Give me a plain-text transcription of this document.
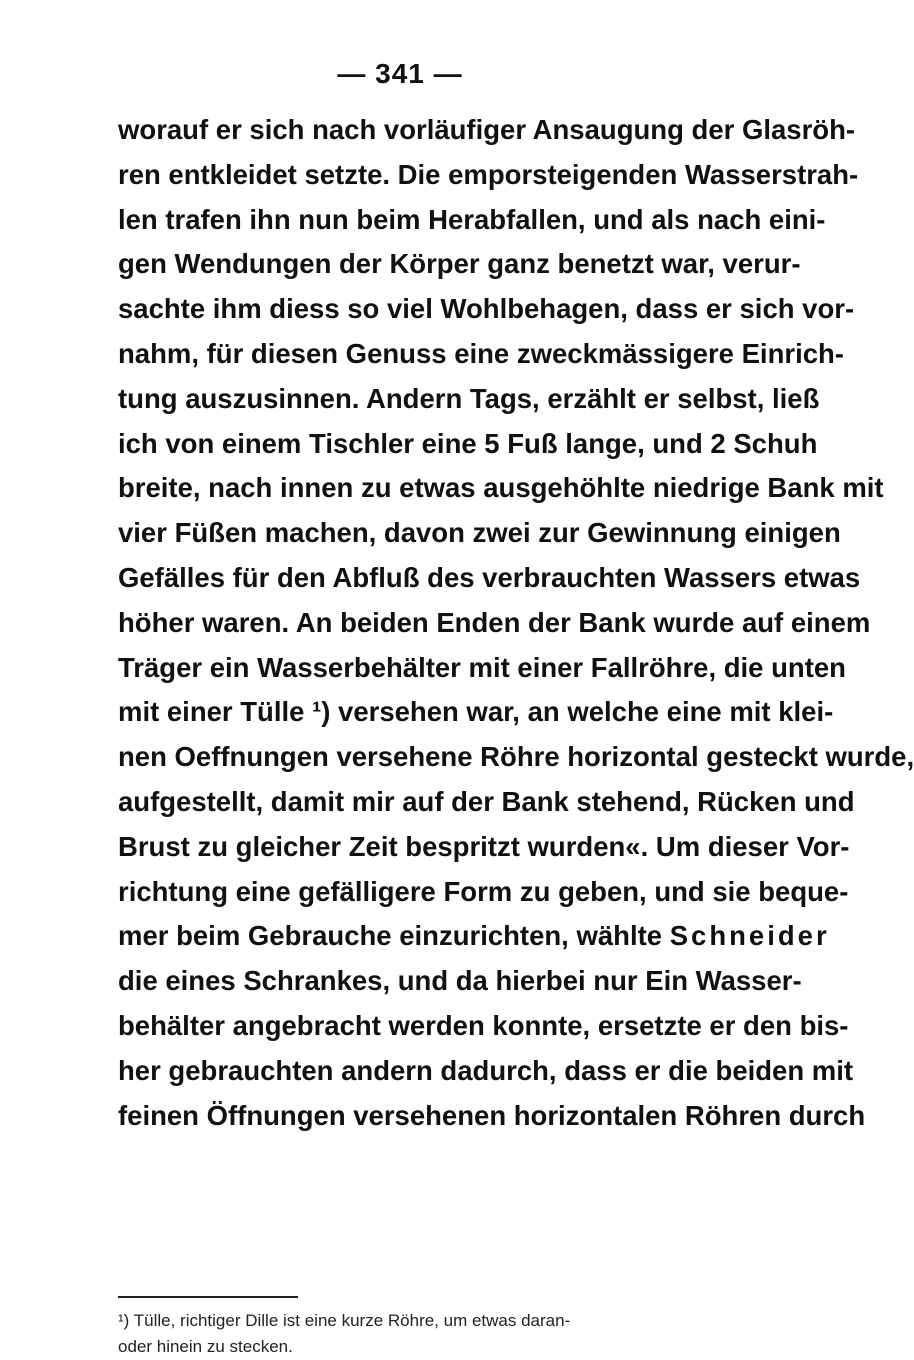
— 341 —
worauf er sich nach vorläufiger Ansaugung der Glasröh-
ren entkleidet setzte. Die emporsteigenden Wasserstrah-
len trafen ihn nun beim Herabfallen, und als nach eini-
gen Wendungen der Körper ganz benetzt war, verur-
sachte ihm diess so viel Wohlbehagen, dass er sich vor-
nahm, für diesen Genuss eine zweckmässigere Einrich-
tung auszusinnen. Andern Tags, erzählt er selbst, ließ
ich von einem Tischler eine 5 Fuß lange, und 2 Schuh
breite, nach innen zu etwas ausgehöhlte niedrige Bank mit
vier Füßen machen, davon zwei zur Gewinnung einigen
Gefälles für den Abfluß des verbrauchten Wassers etwas
höher waren. An beiden Enden der Bank wurde auf einem
Träger ein Wasserbehälter mit einer Fallröhre, die unten
mit einer Tülle ¹) versehen war, an welche eine mit klei-
nen Oeffnungen versehene Röhre horizontal gesteckt wurde,
aufgestellt, damit mir auf der Bank stehend, Rücken und
Brust zu gleicher Zeit bespritzt wurden«. Um dieser Vor-
richtung eine gefälligere Form zu geben, und sie beque-
mer beim Gebrauche einzurichten, wählte Schneider
die eines Schrankes, und da hierbei nur Ein Wasser-
behälter angebracht werden konnte, ersetzte er den bis-
her gebrauchten andern dadurch, dass er die beiden mit
feinen Öffnungen versehenen horizontalen Röhren durch
¹) Tülle, richtiger Dille ist eine kurze Röhre, um etwas daran-
oder hinein zu stecken.
